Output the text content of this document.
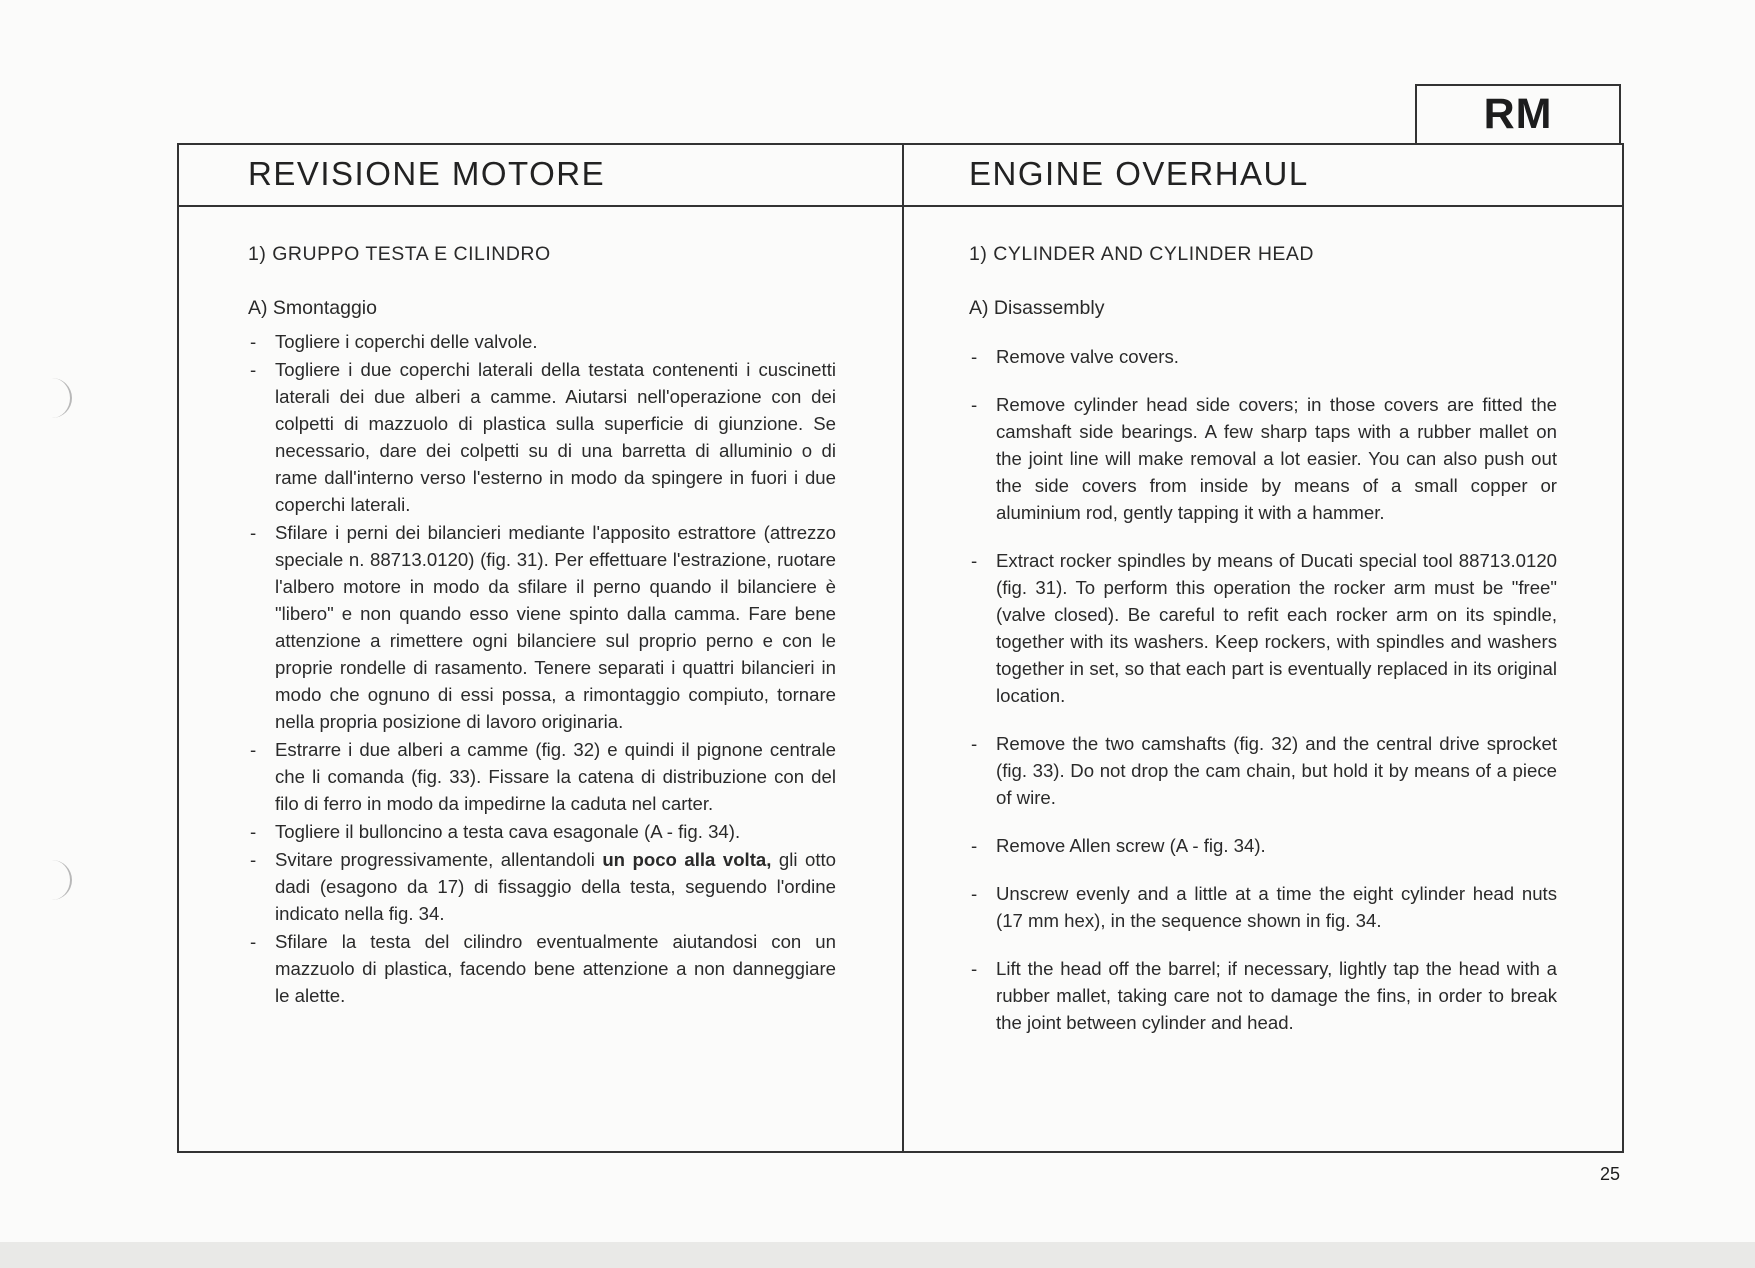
RM
REVISIONE MOTORE	ENGINE OVERHAUL
1) GRUPPO TESTA E CILINDRO
A) Smontaggio
- Togliere i coperchi delle valvole.
- Togliere i due coperchi laterali della testata contenenti i cuscinetti laterali dei due alberi a camme. Aiutarsi nell'operazione con dei colpetti di mazzuolo di plastica sulla superficie di giunzione. Se necessario, dare dei colpetti su di una barretta di alluminio o di rame dall'interno verso l'esterno in modo da spingere in fuori i due coperchi laterali.
- Sfilare i perni dei bilancieri mediante l'apposito estrattore (attrezzo speciale n. 88713.0120) (fig. 31). Per effettuare l'estrazione, ruotare l'albero motore in modo da sfilare il perno quando il bilanciere è "libero" e non quando esso viene spinto dalla camma. Fare bene attenzione a rimettere ogni bilanciere sul proprio perno e con le proprie rondelle di rasamento. Tenere separati i quattri bilancieri in modo che ognuno di essi possa, a rimontaggio compiuto, tornare nella propria posizione di lavoro originaria.
- Estrarre i due alberi a camme (fig. 32) e quindi il pignone centrale che li comanda (fig. 33). Fissare la catena di distribuzione con del filo di ferro in modo da impedirne la caduta nel carter.
- Togliere il bulloncino a testa cava esagonale (A - fig. 34).
- Svitare progressivamente, allentandoli un poco alla volta, gli otto dadi (esagono da 17) di fissaggio della testa, seguendo l'ordine indicato nella fig. 34.
- Sfilare la testa del cilindro eventualmente aiutandosi con un mazzuolo di plastica, facendo bene attenzione a non danneggiare le alette.
1) CYLINDER AND CYLINDER HEAD
A) Disassembly
- Remove valve covers.
- Remove cylinder head side covers; in those covers are fitted the camshaft side bearings. A few sharp taps with a rubber mallet on the joint line will make removal a lot easier. You can also push out the side covers from inside by means of a small copper or aluminium rod, gently tapping it with a hammer.
- Extract rocker spindles by means of Ducati special tool 88713.0120 (fig. 31). To perform this operation the rocker arm must be "free" (valve closed). Be careful to refit each rocker arm on its spindle, together with its washers. Keep rockers, with spindles and washers together in set, so that each part is eventually replaced in its original location.
- Remove the two camshafts (fig. 32) and the central drive sprocket (fig. 33). Do not drop the cam chain, but hold it by means of a piece of wire.
- Remove Allen screw (A - fig. 34).
- Unscrew evenly and a little at a time the eight cylinder head nuts (17 mm hex), in the sequence shown in fig. 34.
- Lift the head off the barrel; if necessary, lightly tap the head with a rubber mallet, taking care not to damage the fins, in order to break the joint between cylinder and head.
25
